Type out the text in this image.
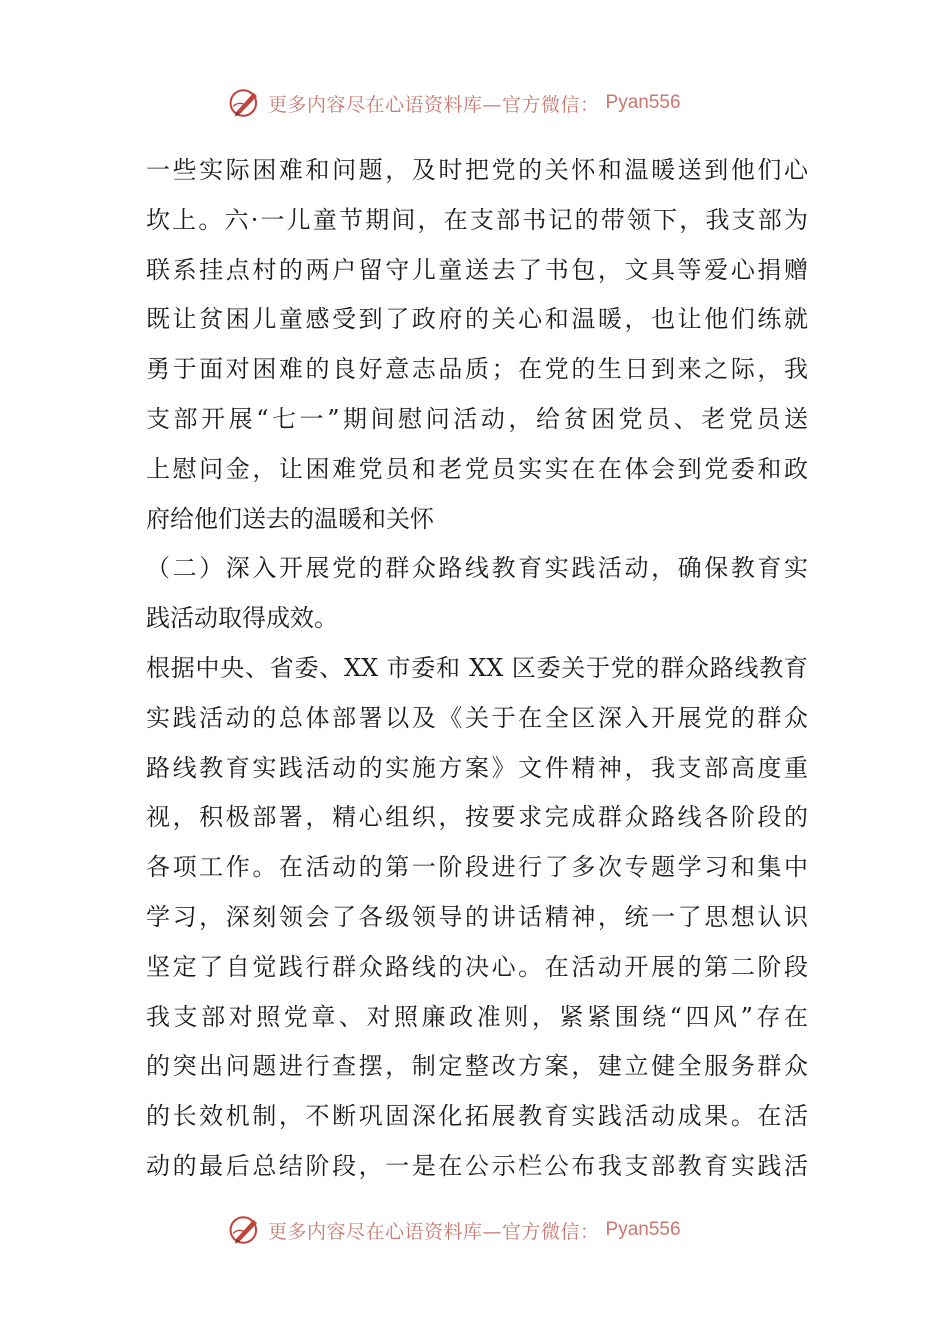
更多内容尽在心语资料库—官方微信： Pyan556
一些实际困难和问题，及时把党的关怀和温暖送到他们心
坎上。六·一儿童节期间，在支部书记的带领下，我支部为
联系挂点村的两户留守儿童送去了书包，文具等爱心捐赠
既让贫困儿童感受到了政府的关心和温暖，也让他们练就
勇于面对困难的良好意志品质；在党的生日到来之际，我
支部开展“七一”期间慰问活动，给贫困党员、老党员送
上慰问金，让困难党员和老党员实实在在体会到党委和政
府给他们送去的温暖和关怀
（二）深入开展党的群众路线教育实践活动，确保教育实
践活动取得成效。
根据中央、省委、XX 市委和 XX 区委关于党的群众路线教育
实践活动的总体部署以及《关于在全区深入开展党的群众
路线教育实践活动的实施方案》文件精神，我支部高度重
视，积极部署，精心组织，按要求完成群众路线各阶段的
各项工作。在活动的第一阶段进行了多次专题学习和集中
学习，深刻领会了各级领导的讲话精神，统一了思想认识
坚定了自觉践行群众路线的决心。在活动开展的第二阶段
我支部对照党章、对照廉政准则，紧紧围绕“四风”存在
的突出问题进行查摆，制定整改方案，建立健全服务群众
的长效机制，不断巩固深化拓展教育实践活动成果。在活
动的最后总结阶段，一是在公示栏公布我支部教育实践活
更多内容尽在心语资料库—官方微信： Pyan556
